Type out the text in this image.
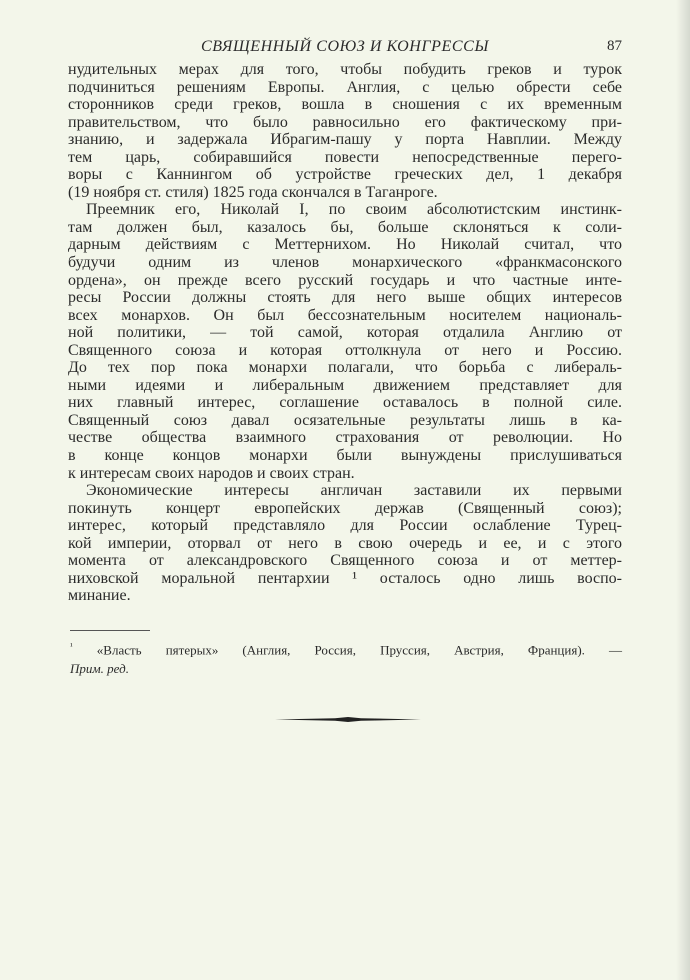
СВЯЩЕННЫЙ СОЮЗ И КОНГРЕССЫ	87
нудительных мерах для того, чтобы побудить греков и турок
подчиниться решениям Европы. Англия, с целью обрести себе
сторонников среди греков, вошла в сношения с их временным
правительством, что было равносильно его фактическому при-
знанию, и задержала Ибрагим-пашу у порта Навплии. Между
тем царь, собиравшийся повести непосредственные перего-
воры с Каннингом об устройстве греческих дел, 1 декабря
(19 ноября ст. стиля) 1825 года скончался в Таганроге.
Преемник его, Николай I, по своим абсолютистским инстинк-
там должен был, казалось бы, больше склоняться к соли-
дарным действиям с Меттернихом. Но Николай считал, что
будучи одним из членов монархического «франкмасонского
ордена», он прежде всего русский государь и что частные инте-
ресы России должны стоять для него выше общих интересов
всех монархов. Он был бессознательным носителем националь-
ной политики, — той самой, которая отдалила Англию от
Священного союза и которая оттолкнула от него и Россию.
До тех пор пока монархи полагали, что борьба с либераль-
ными идеями и либеральным движением представляет для
них главный интерес, соглашение оставалось в полной силе.
Священный союз давал осязательные результаты лишь в ка-
честве общества взаимного страхования от революции. Но
в конце концов монархи были вынуждены прислушиваться
к интересам своих народов и своих стран.
Экономические интересы англичан заставили их первыми
покинуть концерт европейских держав (Священный союз);
интерес, который представляло для России ослабление Турец-
кой империи, оторвал от него в свою очередь и ее, и с этого
момента от александровского Священного союза и от меттер-
ниховской моральной пентархии ¹ осталось одно лишь воспо-
минание.
$^{^1}$ «Власть пятерых» (Англия, Россия, Пруссия, Австрия, Франция). —
Прим. ред.
